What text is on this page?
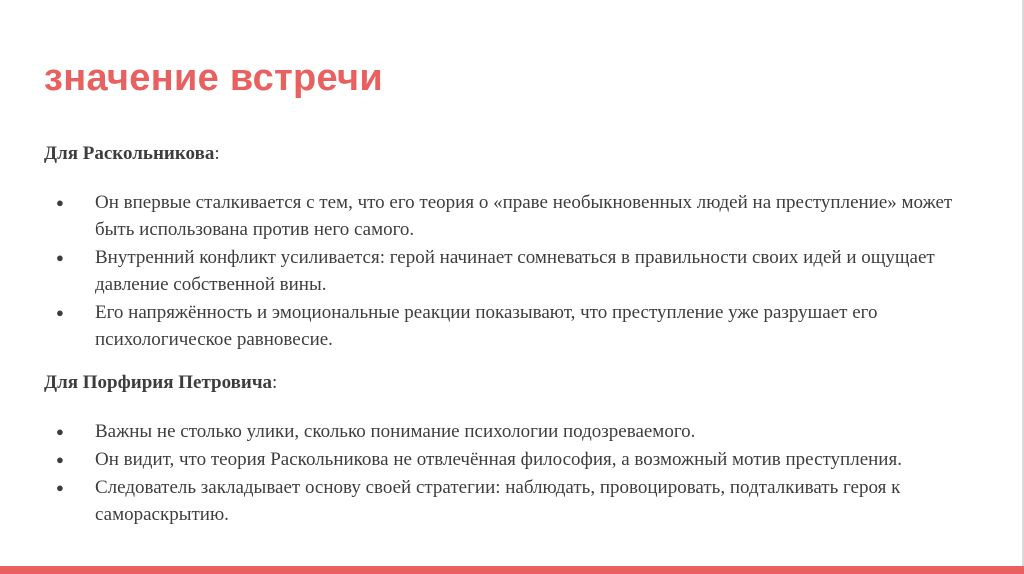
значение встречи

Для Раскольникова:

● Он впервые сталкивается с тем, что его теория о «праве необыкновенных людей на преступление» может быть использована против него самого.
● Внутренний конфликт усиливается: герой начинает сомневаться в правильности своих идей и ощущает давление собственной вины.
● Его напряжённость и эмоциональные реакции показывают, что преступление уже разрушает его психологическое равновесие.

Для Порфирия Петровича:

● Важны не столько улики, сколько понимание психологии подозреваемого.
● Он видит, что теория Раскольникова не отвлечённая философия, а возможный мотив преступления.
● Следователь закладывает основу своей стратегии: наблюдать, провоцировать, подталкивать героя к самораскрытию.
